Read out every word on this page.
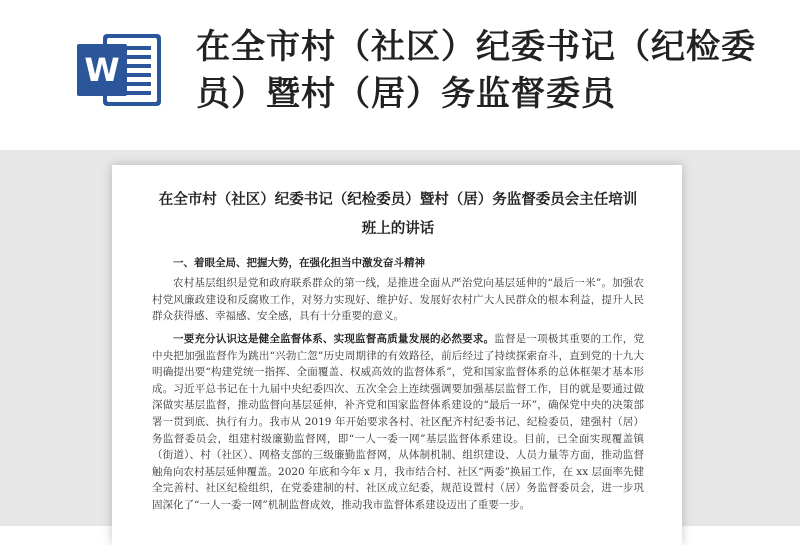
W
在全市村（社区）纪委书记（纪检委员）暨村（居）务监督委员
在全市村（社区）纪委书记（纪检委员）暨村（居）务监督委员会主任培训班上的讲话
一、着眼全局、把握大势，在强化担当中激发奋斗精神
农村基层组织是党和政府联系群众的第一线，是推进全面从严治党向基层延伸的“最后一米”。加强农村党风廉政建设和反腐败工作，对努力实现好、维护好、发展好农村广大人民群众的根本利益，提升人民群众获得感、幸福感、安全感，具有十分重要的意义。
一要充分认识这是健全监督体系、实现监督高质量发展的必然要求。监督是一项极其重要的工作，党中央把加强监督作为跳出“兴勃亡忽”历史周期律的有效路径，前后经过了持续探索奋斗，直到党的十九大明确提出要“构建党统一指挥、全面覆盖、权威高效的监督体系”，党和国家监督体系的总体框架才基本形成。习近平总书记在十九届中央纪委四次、五次全会上连续强调要加强基层监督工作，目的就是要通过做深做实基层监督，推动监督向基层延伸，补齐党和国家监督体系建设的“最后一环”，确保党中央的决策部署一贯到底、执行有力。我市从 2019 年开始要求各村、社区配齐村纪委书记、纪检委员，建强村（居）务监督委员会，组建村级廉勤监督网，即“一人一委一网”基层监督体系建设。目前，已全面实现覆盖镇（街道）、村（社区）、网格支部的三级廉勤监督网，从体制机制、组织建设、人员力量等方面，推动监督触角向农村基层延伸覆盖。2020 年底和今年 x 月，我市结合村、社区“两委”换届工作，在 xx 层面率先健全完善村、社区纪检组织，在党委建制的村、社区成立纪委，规范设置村（居）务监督委员会，进一步巩固深化了“一人一委一网”机制监督成效，推动我市监督体系建设迈出了重要一步。
